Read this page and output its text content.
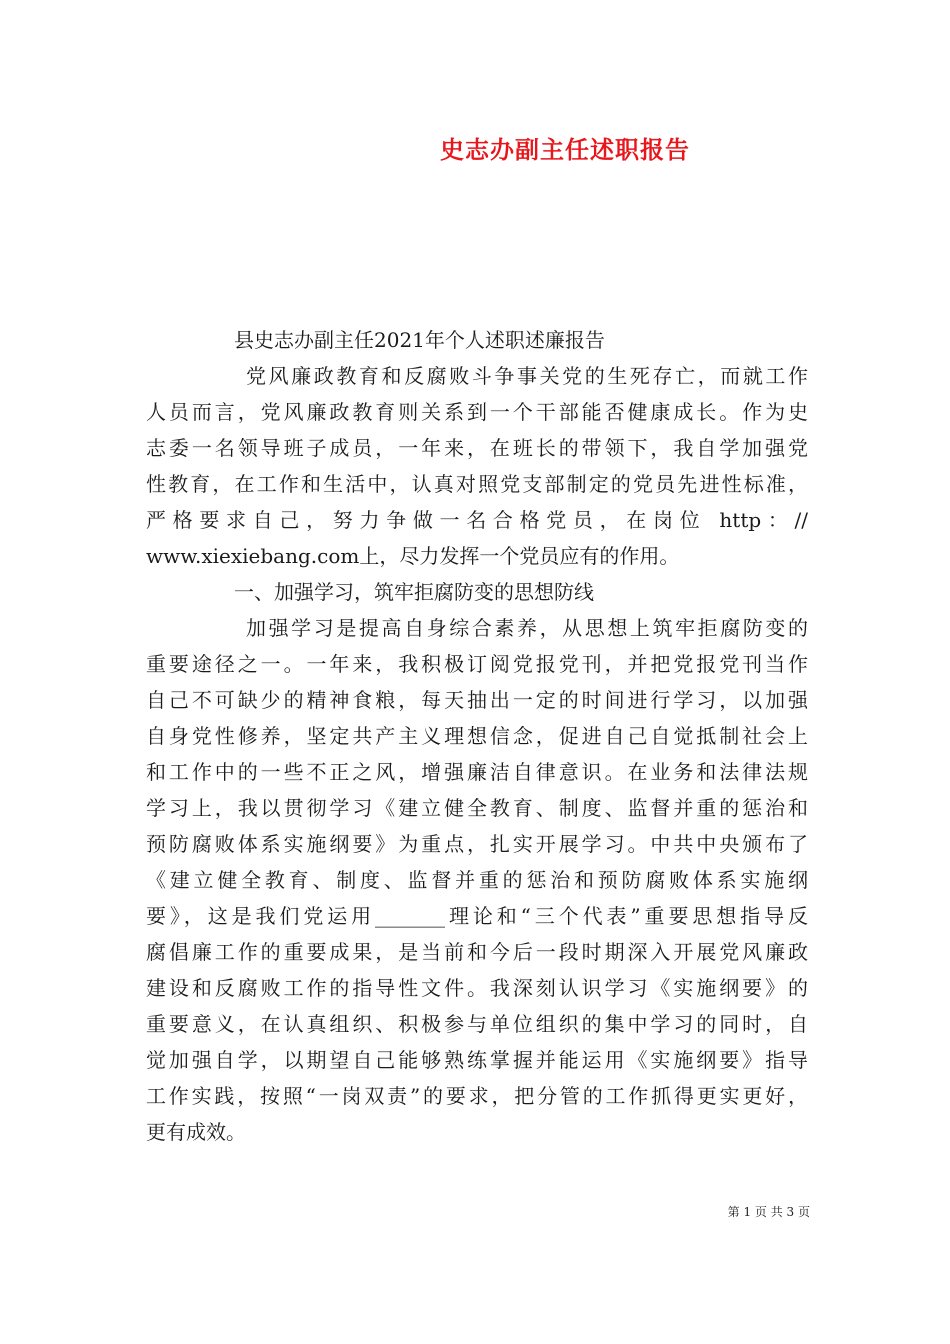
史志办副主任述职报告

县史志办副主任2021年个人述职述廉报告

党风廉政教育和反腐败斗争事关党的生死存亡，而就工作

人员而言，党风廉政教育则关系到一个干部能否健康成长。作为史

志委一名领导班子成员，一年来，在班长的带领下，我自学加强党

性教育，在工作和生活中，认真对照党支部制定的党员先进性标准，

严格要求自己，努力争做一名合格党员，在岗位 http：//

www.xiexiebang.com上，尽力发挥一个党员应有的作用。

一、加强学习，筑牢拒腐防变的思想防线

加强学习是提高自身综合素养，从思想上筑牢拒腐防变的

重要途径之一。一年来，我积极订阅党报党刊，并把党报党刊当作

自己不可缺少的精神食粮，每天抽出一定的时间进行学习，以加强

自身党性修养，坚定共产主义理想信念，促进自己自觉抵制社会上

和工作中的一些不正之风，增强廉洁自律意识。在业务和法律法规

学习上，我以贯彻学习《建立健全教育、制度、监督并重的惩治和

预防腐败体系实施纲要》为重点，扎实开展学习。中共中央颁布了

《建立健全教育、制度、监督并重的惩治和预防腐败体系实施纲

要》，这是我们党运用_______理论和“三个代表”重要思想指导反

腐倡廉工作的重要成果，是当前和今后一段时期深入开展党风廉政

建设和反腐败工作的指导性文件。我深刻认识学习《实施纲要》的

重要意义，在认真组织、积极参与单位组织的集中学习的同时，自

觉加强自学，以期望自己能够熟练掌握并能运用《实施纲要》指导

工作实践，按照“一岗双责”的要求，把分管的工作抓得更实更好，

更有成效。

第 1 页 共 3 页
